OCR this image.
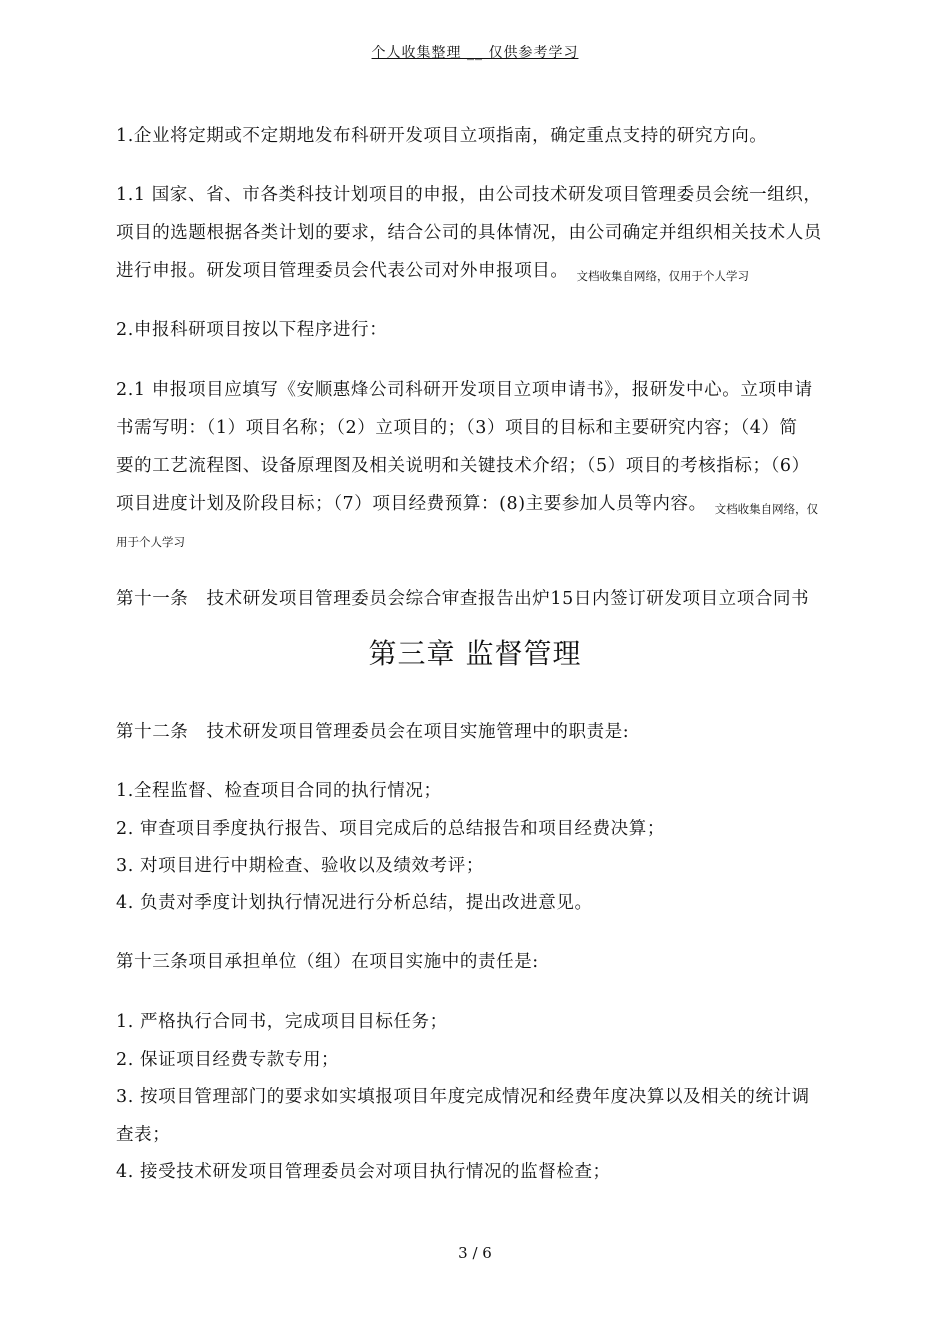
个人收集整理 __ 仅供参考学习
1.企业将定期或不定期地发布科研开发项目立项指南，确定重点支持的研究方向。
1.1 国家、省、市各类科技计划项目的申报，由公司技术研发项目管理委员会统一组织，
项目的选题根据各类计划的要求，结合公司的具体情况，由公司确定并组织相关技术人员
进行申报。研发项目管理委员会代表公司对外申报项目。 $_{文档收集自网络,仅用于个人学习}$
2.申报科研项目按以下程序进行：
2.1 申报项目应填写《安顺惠烽公司科研开发项目立项申请书》，报研发中心。立项申请
书需写明：（1）项目名称；（2）立项目的；（3）项目的目标和主要研究内容；（4）简
要的工艺流程图、设备原理图及相关说明和关键技术介绍；（5）项目的考核指标；（6）
项目进度计划及阶段目标；（7）项目经费预算：(8)主要参加人员等内容。 $_{文档收集自网络,仅}$
用于个人学习
第十一条　技术研发项目管理委员会综合审查报告出炉15日内签订研发项目立项合同书
第三章 监督管理
第十二条　技术研发项目管理委员会在项目实施管理中的职责是:
1.全程监督、检查项目合同的执行情况；
2. 审查项目季度执行报告、项目完成后的总结报告和项目经费决算；
3. 对项目进行中期检查、验收以及绩效考评；
4. 负责对季度计划执行情况进行分析总结，提出改进意见。
第十三条项目承担单位（组）在项目实施中的责任是:
1. 严格执行合同书，完成项目目标任务；
2. 保证项目经费专款专用；
3. 按项目管理部门的要求如实填报项目年度完成情况和经费年度决算以及相关的统计调
查表；
4. 接受技术研发项目管理委员会对项目执行情况的监督检查；
3 / 6
